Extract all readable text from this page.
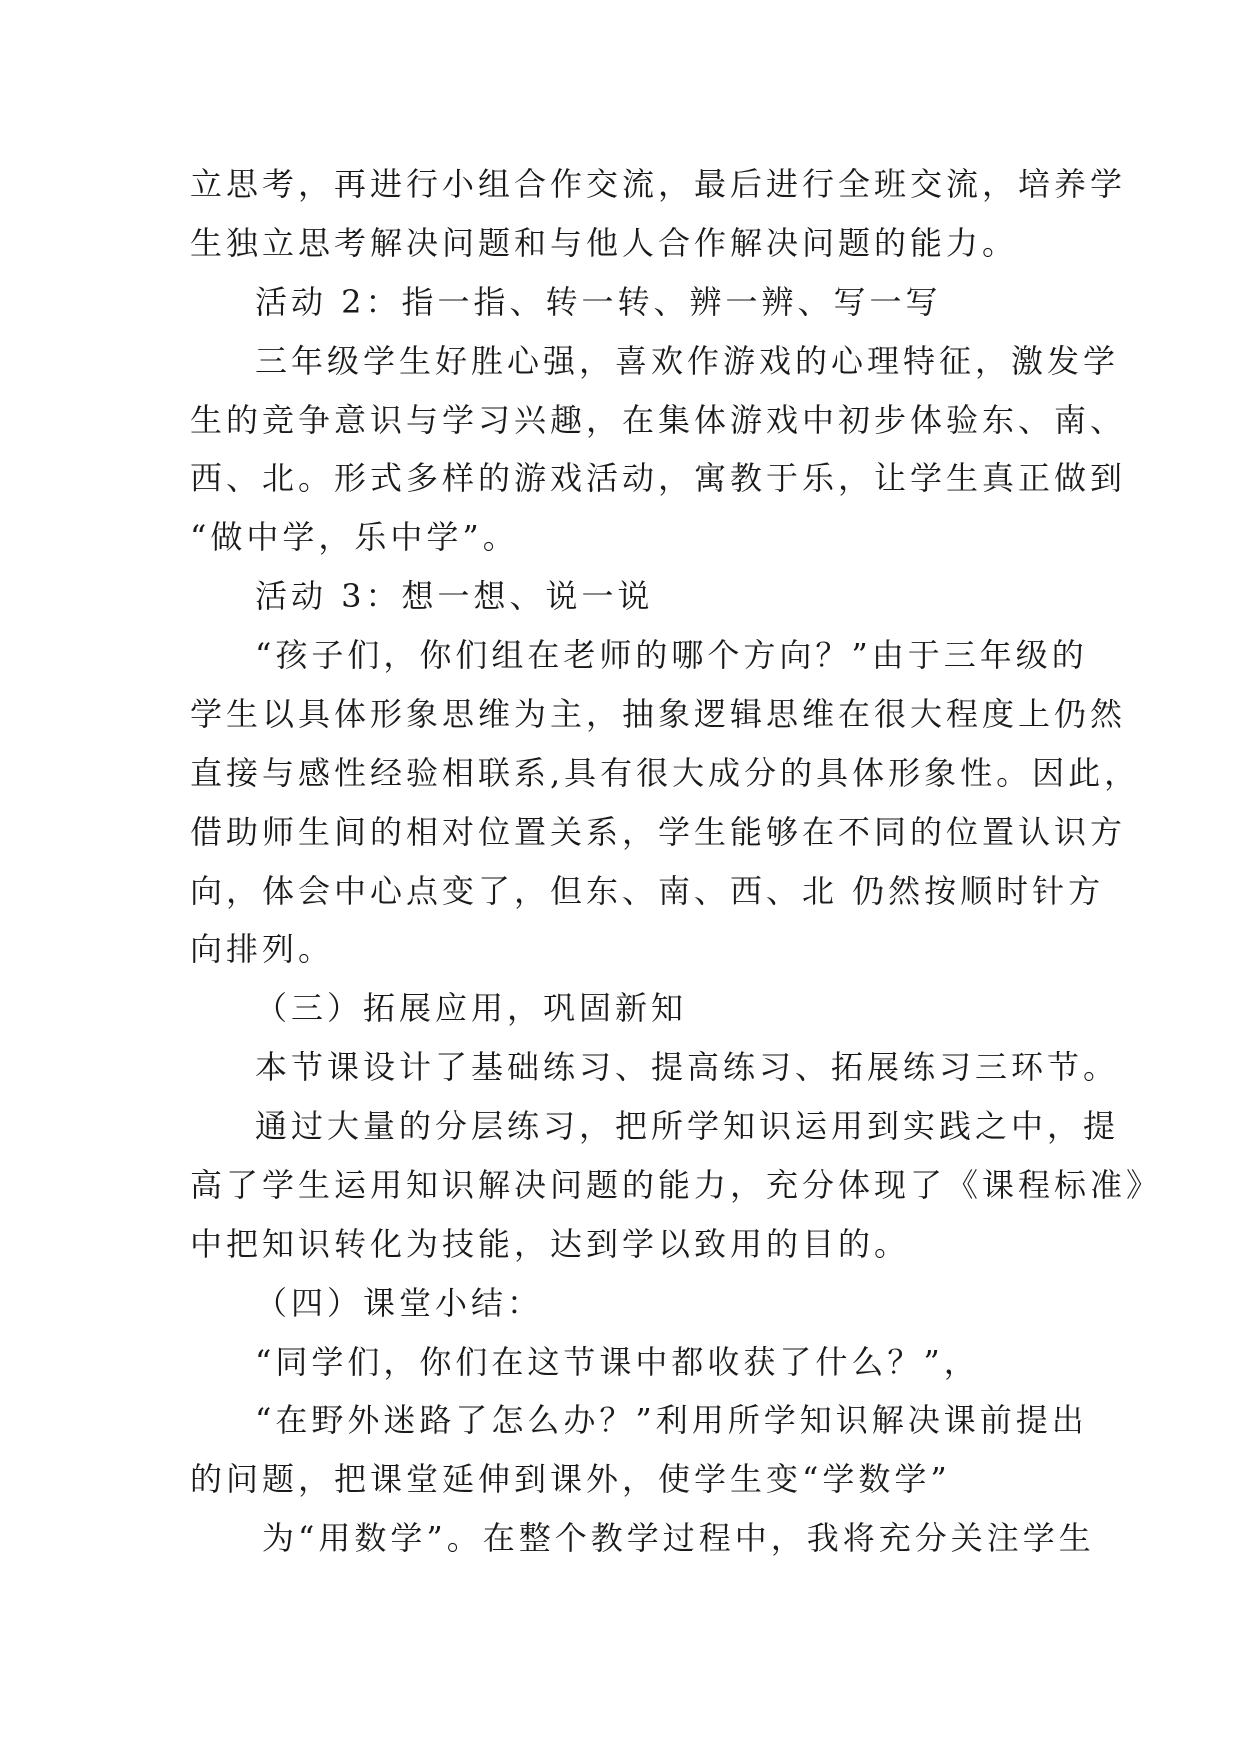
立思考，再进行小组合作交流，最后进行全班交流，培养学
生独立思考解决问题和与他人合作解决问题的能力。
活动 2：指一指、转一转、辨一辨、写一写
三年级学生好胜心强，喜欢作游戏的心理特征，激发学
生的竞争意识与学习兴趣，在集体游戏中初步体验东、南、
西、北。形式多样的游戏活动，寓教于乐，让学生真正做到
“做中学，乐中学”。
活动 3：想一想、说一说
“孩子们，你们组在老师的哪个方向？”由于三年级的
学生以具体形象思维为主，抽象逻辑思维在很大程度上仍然
直接与感性经验相联系,具有很大成分的具体形象性。因此，
借助师生间的相对位置关系，学生能够在不同的位置认识方
向，体会中心点变了，但东、南、西、北 仍然按顺时针方
向排列。
（三）拓展应用，巩固新知
本节课设计了基础练习、提高练习、拓展练习三环节。
通过大量的分层练习，把所学知识运用到实践之中，提
高了学生运用知识解决问题的能力，充分体现了《课程标准》
中把知识转化为技能，达到学以致用的目的。
（四）课堂小结：
“同学们，你们在这节课中都收获了什么？”，
“在野外迷路了怎么办？”利用所学知识解决课前提出
的问题，把课堂延伸到课外，使学生变“学数学”
为“用数学”。在整个教学过程中，我将充分关注学生
